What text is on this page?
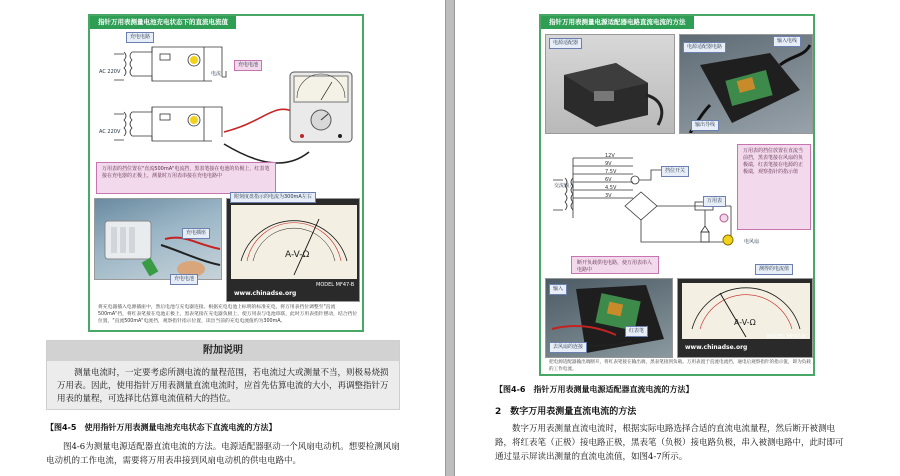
指针万用表测量电池充电状态下的直流电流值
充电电路
AC 220V
AC 220V
电流
充电电池
万用表的挡位置在"直流500mA"电流挡，黑表笔接在电池的负极上，红表笔接在充电器的正极上，测量时万用表串接在充电电路中
充电插座
充电电池
A-V-Ω
附刻度盘指示的电流为300mA左右
MODEL MF47-B
www.chinadse.org
将充电器插入电源插座中，然后电池与充电器连接。根据充电电池上标明的标准充电，将万用表挡位调整至"直流500mA"挡，将红表笔接在电池正极上，黑表笔接在充电器负极上，使万用表与电池串联，此时万用表指针摆动，结合挡位位置，"直流500mA"电流挡，观察指针指示位置，读出当前的充电电流值约为300mA。
附加说明
测量电流时，一定要考虑所测电流的量程范围，若电流过大或测量不当，则极易烧损万用表。因此，使用指针万用表测量直流电流时，应首先估算电流的大小，再调整指针万用表的量程，可选择比估算电流值稍大的挡位。
【图4-5　使用指针万用表测量电池充电状态下直流电流的方法】
图4-6为测量电源适配器直流电流的方法。电源适配器驱动一个风扇电动机。想要检测风扇电动机的工作电流，需要将万用表串接到风扇电动机的供电电路中。
指针万用表测量电源适配器电路直流电流的方法
电源适配器
电源适配器电路
输入电线
输出导线
12V
9V
7.5V
6V
4.5V
3V
交流输入
挡位开关
万用表
电风扇
万用表的挡位放置在直流当前挡，黑表笔接在风扇的负极端，红表笔接在电源的正极端，观察指针的指示值
断开负载供电电路，使万用表串入电路中	测得的电流值
输入
去风扇的连接
红表笔
A-V-Ω
www.chinadse.org
MODEL MF47-B
把电源适配器输出端断开，将红表笔接在输出端，黑表笔接到负载。万用表置于直流电流挡，通电后观察指针的指示值，即为负载的工作电流。
【图4-6　指针万用表测量电源适配器直流电流的方法】
2　数字万用表测量直流电流的方法
数字万用表测量直流电流时，根据实际电路选择合适的直流电流量程，然后断开被测电路，将红表笔（正极）接电路正极，黑表笔（负极）接电路负极，串入被测电路中，此时即可通过显示屏读出测量的直流电流值，如图4-7所示。
